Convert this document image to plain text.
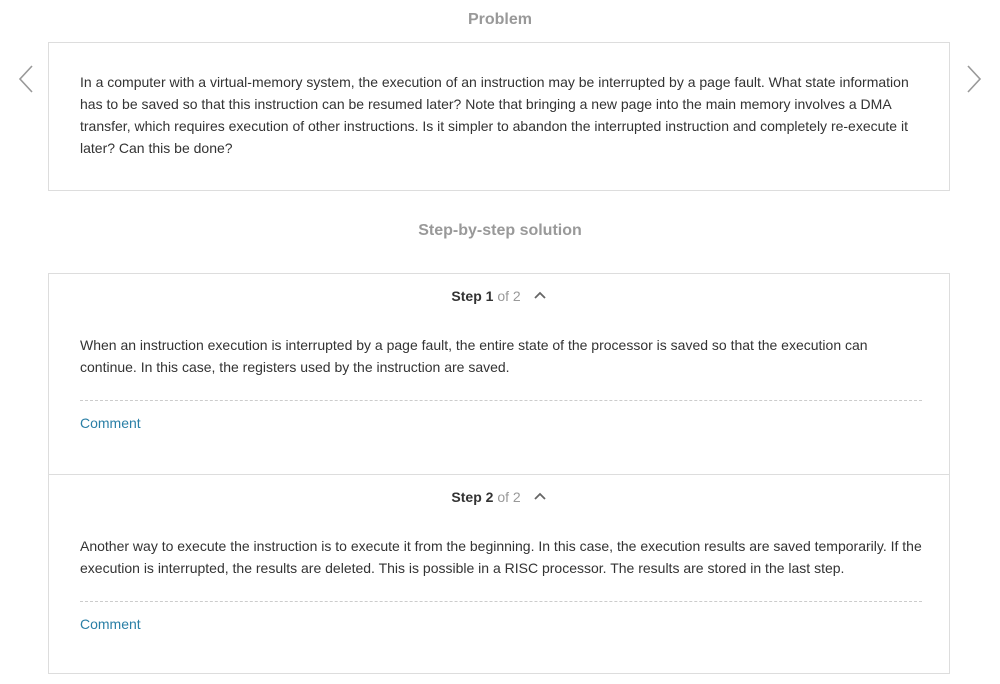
Problem
In a computer with a virtual-memory system, the execution of an instruction may be interrupted by a page fault. What state information has to be saved so that this instruction can be resumed later? Note that bringing a new page into the main memory involves a DMA transfer, which requires execution of other instructions. Is it simpler to abandon the interrupted instruction and completely re-execute it later? Can this be done?
Step-by-step solution
Step 1 of 2
When an instruction execution is interrupted by a page fault, the entire state of the processor is saved so that the execution can continue. In this case, the registers used by the instruction are saved.
Comment
Step 2 of 2
Another way to execute the instruction is to execute it from the beginning. In this case, the execution results are saved temporarily. If the execution is interrupted, the results are deleted. This is possible in a RISC processor. The results are stored in the last step.
Comment
